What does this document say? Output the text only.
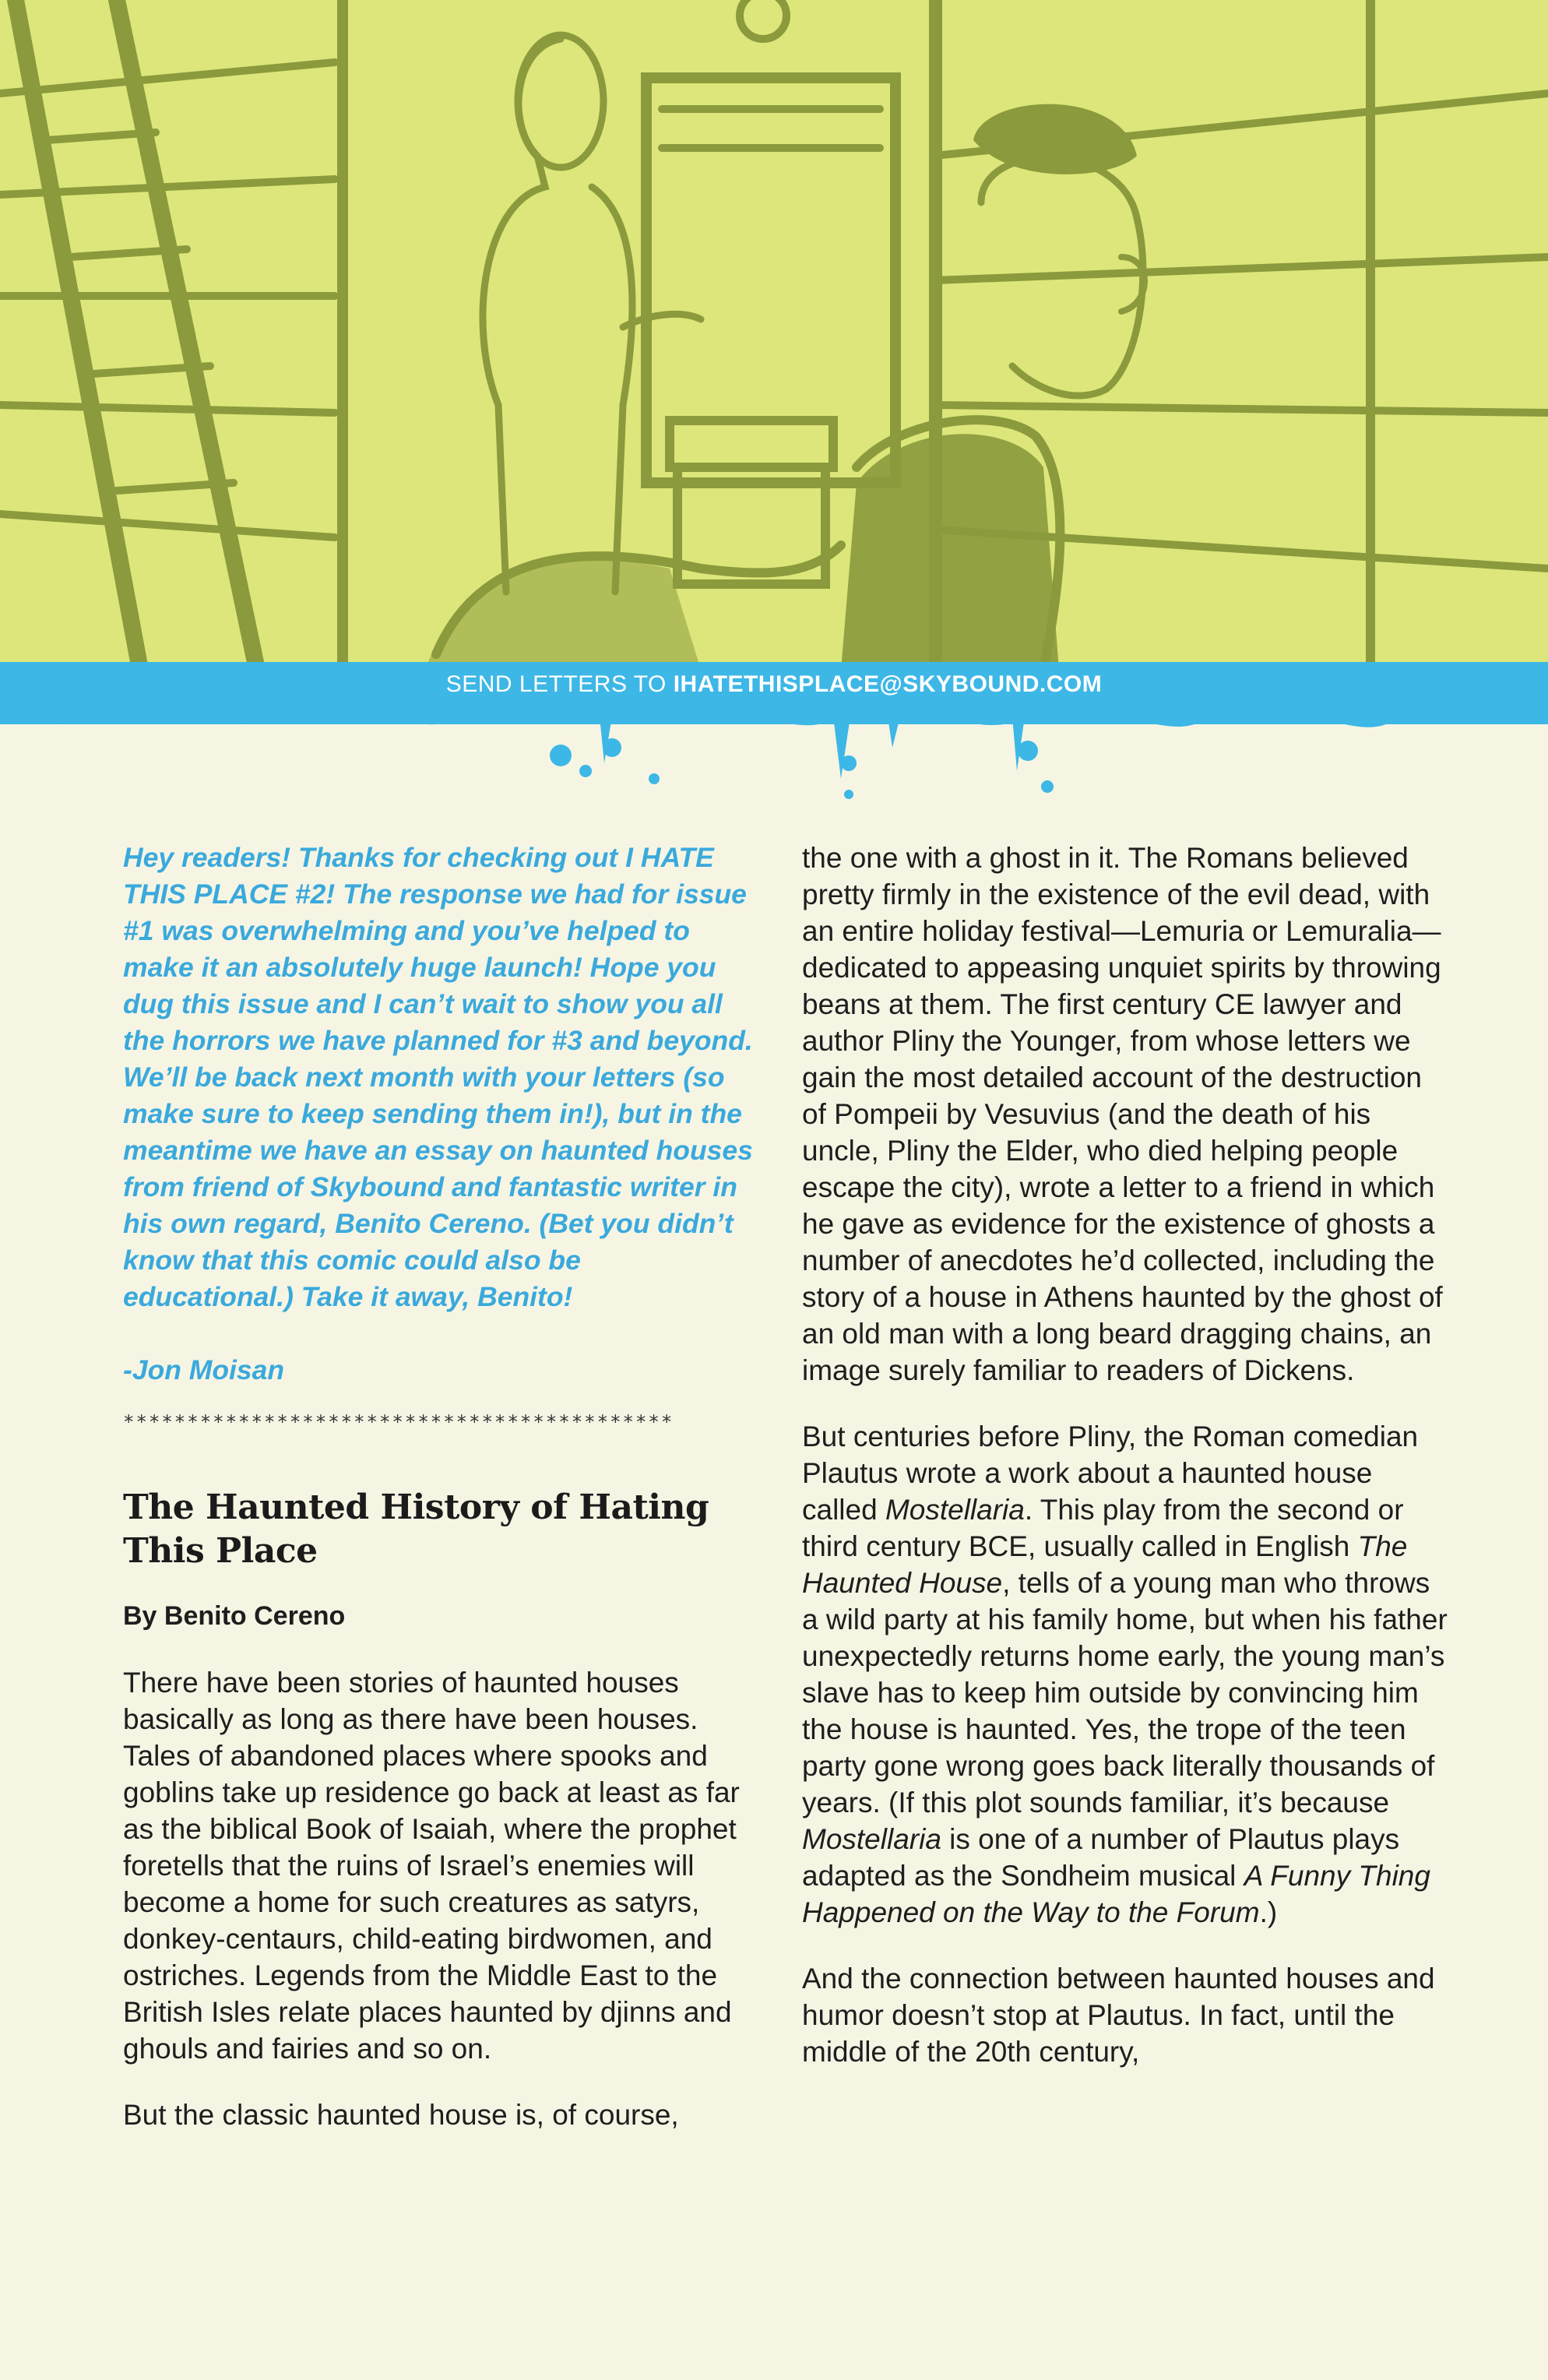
SEND LETTERS TO IHATETHISPLACE@SKYBOUND.COM

Hey readers! Thanks for checking out I HATE THIS PLACE #2! The response we had for issue #1 was overwhelming and you’ve helped to make it an absolutely huge launch! Hope you dug this issue and I can’t wait to show you all the horrors we have planned for #3 and beyond. We’ll be back next month with your letters (so make sure to keep sending them in!), but in the meantime we have an essay on haunted houses from friend of Skybound and fantastic writer in his own regard, Benito Cereno. (Bet you didn’t know that this comic could also be educational.) Take it away, Benito!

-Jon Moisan

*******************************************

The Haunted History of Hating This Place

By Benito Cereno

There have been stories of haunted houses basically as long as there have been houses. Tales of abandoned places where spooks and goblins take up residence go back at least as far as the biblical Book of Isaiah, where the prophet foretells that the ruins of Israel’s enemies will become a home for such creatures as satyrs, donkey-centaurs, child-eating birdwomen, and ostriches. Legends from the Middle East to the British Isles relate places haunted by djinns and ghouls and fairies and so on.

But the classic haunted house is, of course,

the one with a ghost in it. The Romans believed pretty firmly in the existence of the evil dead, with an entire holiday festival—Lemuria or Lemuralia—dedicated to appeasing unquiet spirits by throwing beans at them. The first century CE lawyer and author Pliny the Younger, from whose letters we gain the most detailed account of the destruction of Pompeii by Vesuvius (and the death of his uncle, Pliny the Elder, who died helping people escape the city), wrote a letter to a friend in which he gave as evidence for the existence of ghosts a number of anecdotes he’d collected, including the story of a house in Athens haunted by the ghost of an old man with a long beard dragging chains, an image surely familiar to readers of Dickens.

But centuries before Pliny, the Roman comedian Plautus wrote a work about a haunted house called Mostellaria. This play from the second or third century BCE, usually called in English The Haunted House, tells of a young man who throws a wild party at his family home, but when his father unexpectedly returns home early, the young man’s slave has to keep him outside by convincing him the house is haunted. Yes, the trope of the teen party gone wrong goes back literally thousands of years. (If this plot sounds familiar, it’s because Mostellaria is one of a number of Plautus plays adapted as the Sondheim musical A Funny Thing Happened on the Way to the Forum.)

And the connection between haunted houses and humor doesn’t stop at Plautus. In fact, until the middle of the 20th century,
